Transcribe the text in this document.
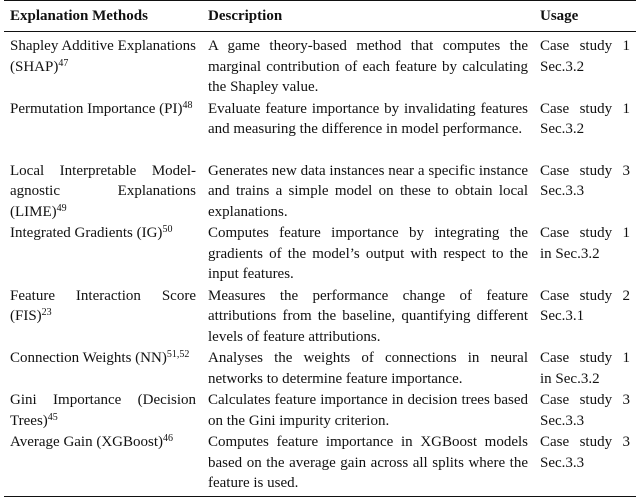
Explanation Methods	Description	Usage
Shapley Additive Explanations (SHAP)$^{47}$	A game theory-based method that computes the marginal contribution of each feature by calculating the Shapley value.	Case study 1 Sec.3.2
Permutation Importance (PI)$^{48}$	Evaluate feature importance by invalidating features and measuring the difference in model performance.	Case study 1 Sec.3.2
Local Interpretable Model-agnostic Explanations (LIME)$^{49}$	Generates new data instances near a specific instance and trains a simple model on these to obtain local explanations.	Case study 3 Sec.3.3
Integrated Gradients (IG)$^{50}$	Computes feature importance by integrating the gradients of the model’s output with respect to the input features.	Case study 1 in Sec.3.2
Feature Interaction Score (FIS)$^{23}$	Measures the performance change of feature attributions from the baseline, quantifying different levels of feature attributions.	Case study 2 Sec.3.1
Connection Weights (NN)$^{51,52}$	Analyses the weights of connections in neural networks to determine feature importance.	Case study 1 in Sec.3.2
Gini Importance (Decision Trees)$^{45}$	Calculates feature importance in decision trees based on the Gini impurity criterion.	Case study 3 Sec.3.3
Average Gain (XGBoost)$^{46}$	Computes feature importance in XGBoost models based on the average gain across all splits where the feature is used.	Case study 3 Sec.3.3
